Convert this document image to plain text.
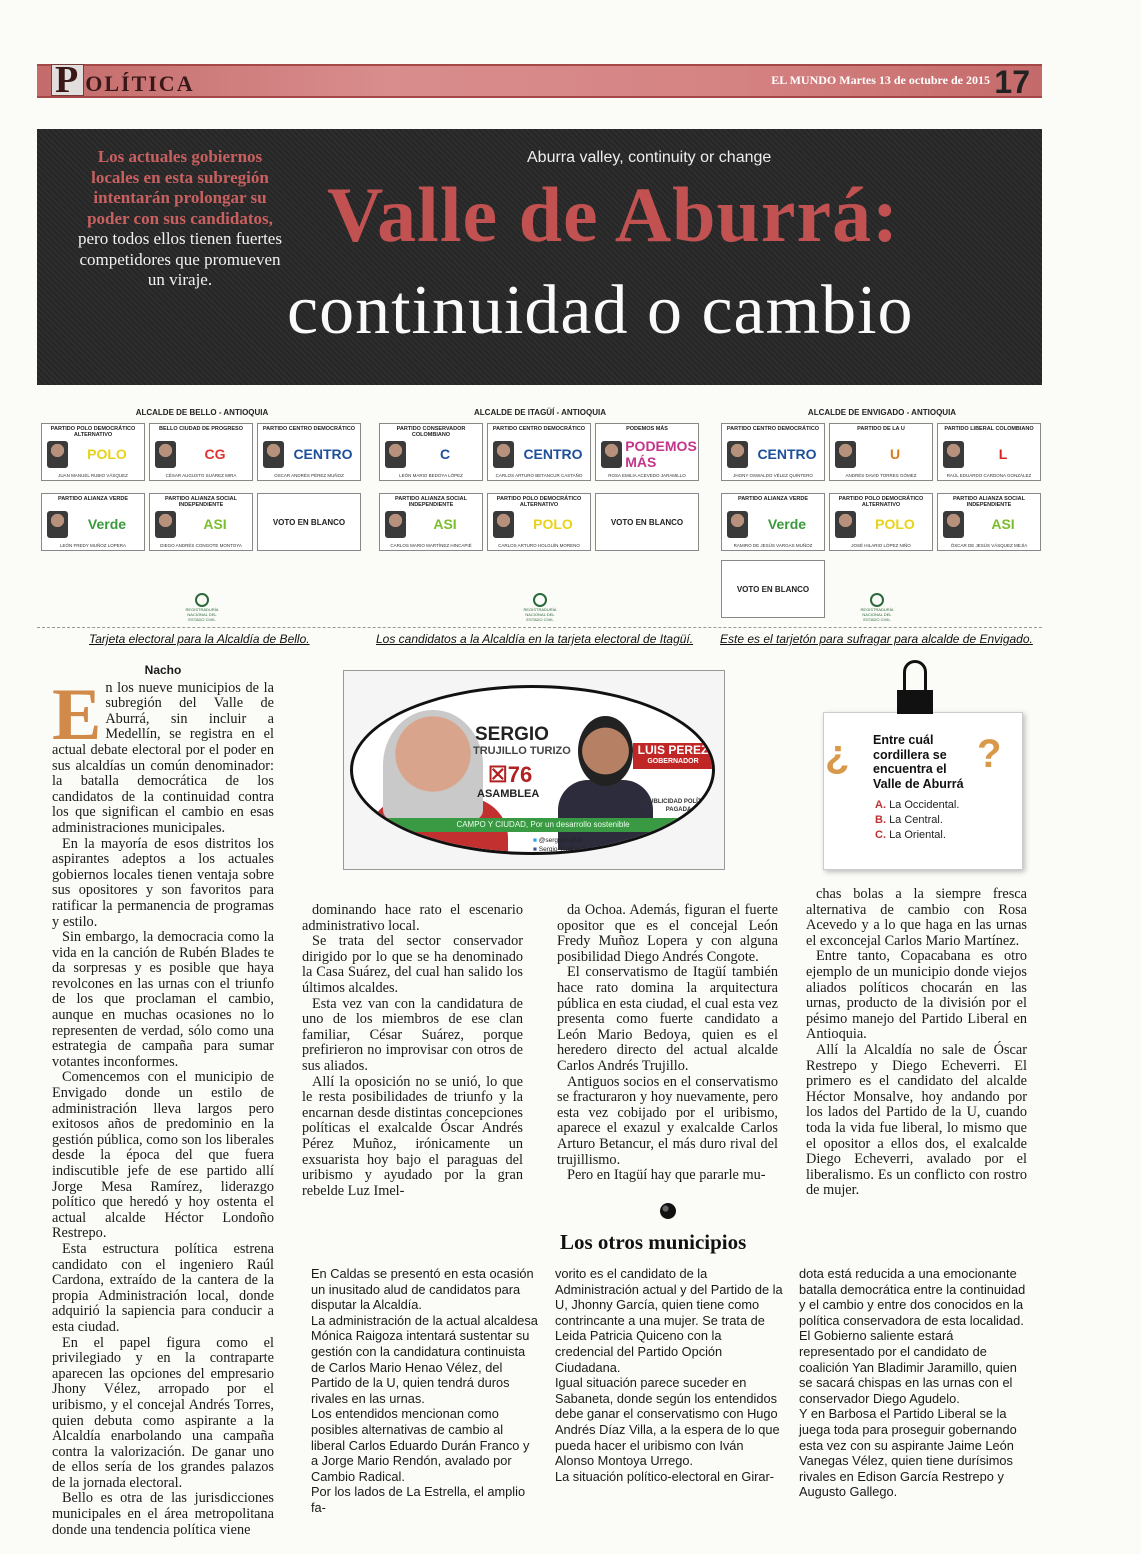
P OLÍTICA	EL MUNDO Martes 13 de octubre de 2015 17
Los actuales gobiernos locales en esta subregión intentarán prolongar su poder con sus candidatos, pero todos ellos tienen fuertes competidores que promueven un viraje.
Aburra valley, continuity or change
Valle de Aburrá:
continuidad o cambio
ALCALDE DE BELLO - ANTIOQUIA
PARTIDO POLO DEMOCRÁTICO ALTERNATIVO
POLO
JUAN MANUEL RUBIO VÁSQUEZ
BELLO CIUDAD DE PROGRESO
CG
CÉSAR AUGUSTO SUÁREZ MIRA
PARTIDO CENTRO DEMOCRÁTICO
CENTRO
OSCAR ANDRÉS PÉREZ MUÑOZ
PARTIDO ALIANZA VERDE
Verde
LEÓN FREDY MUÑOZ LOPERA
PARTIDO ALIANZA SOCIAL INDEPENDIENTE
ASI
DIEGO ANDRÉS CONGOTE MONTOYA
VOTO EN BLANCO
REGISTRADURÍA NACIONAL DEL ESTADO CIVIL
ALCALDE DE ITAGÜÍ - ANTIOQUIA
PARTIDO CONSERVADOR COLOMBIANO
C
LEÓN MARIO BEDOYA LÓPEZ
PARTIDO CENTRO DEMOCRÁTICO
CENTRO
CARLOS ARTURO BETANCUR CASTAÑO
PODEMOS MÁS
PODEMOS MÁS
ROSA EMILIA ACEVEDO JARAMILLO
PARTIDO ALIANZA SOCIAL INDEPENDIENTE
ASI
CARLOS MARIO MARTÍNEZ HINCAPIÉ
PARTIDO POLO DEMOCRÁTICO ALTERNATIVO
POLO
CARLOS ARTURO HOLGUÍN MORENO
VOTO EN BLANCO
REGISTRADURÍA NACIONAL DEL ESTADO CIVIL
ALCALDE DE ENVIGADO - ANTIOQUIA
PARTIDO CENTRO DEMOCRÁTICO
CENTRO
JHONY OSWALDO VÉLEZ QUINTERO
PARTIDO DE LA U
U
ANDRÉS DAVID TORRES GÓMEZ
PARTIDO LIBERAL COLOMBIANO
L
RAÚL EDUARDO CARDONA GONZÁLEZ
PARTIDO ALIANZA VERDE
Verde
RAMIRO DE JESÚS VARGAS MUÑOZ
PARTIDO POLO DEMOCRÁTICO ALTERNATIVO
POLO
JOSÉ HILARIO LÓPEZ NIÑO
PARTIDO ALIANZA SOCIAL INDEPENDIENTE
ASI
ÓSCAR DE JESÚS VÁSQUEZ MEJÍA
VOTO EN BLANCO
REGISTRADURÍA NACIONAL DEL ESTADO CIVIL
Tarjeta electoral para la Alcaldía de Bello.	Los candidatos a la Alcaldía en la tarjeta electoral de Itagüí. Este es el tarjetón para sufragar para alcalde de Envigado.

Nacho

E n los nueve municipios de la subregión del Valle de Aburrá, sin incluir a Medellín, se registra en el actual debate electoral por el poder en sus alcaldías un común denominador: la batalla democrática de los candidatos de la continuidad contra los que significan el cambio en esas administraciones municipales.

En la mayoría de esos distritos los aspirantes adeptos a los actuales gobiernos locales tienen ventaja sobre sus opositores y son favoritos para ratificar la permanencia de programas y estilo.

Sin embargo, la democracia como la vida en la canción de Rubén Blades te da sorpresas y es posible que haya revolcones en las urnas con el triunfo de los que proclaman el cambio, aunque en muchas ocasiones no lo representen de verdad, sólo como una estrategia de campaña para sumar votantes inconformes.

Comencemos con el municipio de Envigado donde un estilo de administración lleva largos pero exitosos años de predominio en la gestión pública, como son los liberales desde la época del que fuera indiscutible jefe de ese partido allí Jorge Mesa Ramírez, liderazgo político que heredó y hoy ostenta el actual alcalde Héctor Londoño Restrepo.

Esta estructura política estrena candidato con el ingeniero Raúl Cardona, extraído de la cantera de la propia Administración local, donde adquirió la sapiencia para conducir a esta ciudad.

En el papel figura como el privilegiado y en la contraparte aparecen las opciones del empresario Jhony Vélez, arropado por el uribismo, y el concejal Andrés Torres, quien debuta como aspirante a la Alcaldía enarbolando una campaña contra la valorización. De ganar uno de ellos sería de los grandes palazos de la jornada electoral.

Bello es otra de las jurisdicciones municipales en el área metropolitana donde una tendencia política viene

SERGIO
TRUJILLO TURIZO
☒76
ASAMBLEA
LUIS PEREZ
GOBERNADOR
PUBLICIDAD POLÍTICA PAGADA
CAMPO Y CIUDAD, Por un desarrollo sostenible
■ @sergiotrujillot
■ Sergio-Trujillo-Turizo
¿	?
Entre cuál cordillera se encuentra el Valle de Aburrá
A. La Occidental.
B. La Central.
C. La Oriental.

dominando hace rato el escenario administrativo local.

Se trata del sector conservador dirigido por lo que se ha denominado la Casa Suárez, del cual han salido los últimos alcaldes.

Esta vez van con la candidatura de uno de los miembros de ese clan familiar, César Suárez, porque prefirieron no improvisar con otros de sus aliados.

Allí la oposición no se unió, lo que le resta posibilidades de triunfo y la encarnan desde distintas concepciones políticas el exalcalde Óscar Andrés Pérez Muñoz, irónicamente un exsuarista hoy bajo el paraguas del uribismo y ayudado por la gran rebelde Luz Imel-

da Ochoa. Además, figuran el fuerte opositor que es el concejal León Fredy Muñoz Lopera y con alguna posibilidad Diego Andrés Congote.

El conservatismo de Itagüí también hace rato domina la arquitectura pública en esta ciudad, el cual esta vez presenta como fuerte candidato a León Mario Bedoya, quien es el heredero directo del actual alcalde Carlos Andrés Trujillo.

Antiguos socios en el conservatismo se fracturaron y hoy nuevamente, pero esta vez cobijado por el uribismo, aparece el exazul y exalcalde Carlos Arturo Betancur, el más duro rival del trujillismo.

Pero en Itagüí hay que pararle mu-

chas bolas a la siempre fresca alternativa de cambio con Rosa Acevedo y a lo que haga en las urnas el exconcejal Carlos Mario Martínez.

Entre tanto, Copacabana es otro ejemplo de un municipio donde viejos aliados políticos chocarán en las urnas, producto de la división por el pésimo manejo del Partido Liberal en Antioquia.

Allí la Alcaldía no sale de Óscar Restrepo y Diego Echeverri. El primero es el candidato del alcalde Héctor Monsalve, hoy andando por los lados del Partido de la U, cuando toda la vida fue liberal, lo mismo que el opositor a ellos dos, el exalcalde Diego Echeverri, avalado por el liberalismo. Es un conflicto con rostro de mujer.

Los otros municipios

En Caldas se presentó en esta ocasión un inusitado alud de candidatos para disputar la Alcaldía.

La administración de la actual alcaldesa Mónica Raigoza intentará sustentar su gestión con la candidatura continuista de Carlos Mario Henao Vélez, del Partido de la U, quien tendrá duros rivales en las urnas.

Los entendidos mencionan como posibles alternativas de cambio al liberal Carlos Eduardo Durán Franco y a Jorge Mario Rendón, avalado por Cambio Radical.

Por los lados de La Estrella, el amplio fa-

vorito es el candidato de la Administración actual y del Partido de la U, Jhonny García, quien tiene como contrincante a una mujer. Se trata de Leida Patricia Quiceno con la credencial del Partido Opción Ciudadana.

Igual situación parece suceder en Sabaneta, donde según los entendidos debe ganar el conservatismo con Hugo Andrés Díaz Villa, a la espera de lo que pueda hacer el uribismo con Iván Alonso Montoya Urrego.

La situación político-electoral en Girar-

dota está reducida a una emocionante batalla democrática entre la continuidad y el cambio y entre dos conocidos en la política conservadora de esta localidad.

El Gobierno saliente estará representado por el candidato de coalición Yan Bladimir Jaramillo, quien se sacará chispas en las urnas con el conservador Diego Agudelo.

Y en Barbosa el Partido Liberal se la juega toda para proseguir gobernando esta vez con su aspirante Jaime León Vanegas Vélez, quien tiene durísimos rivales en Edison García Restrepo y Augusto Gallego.
